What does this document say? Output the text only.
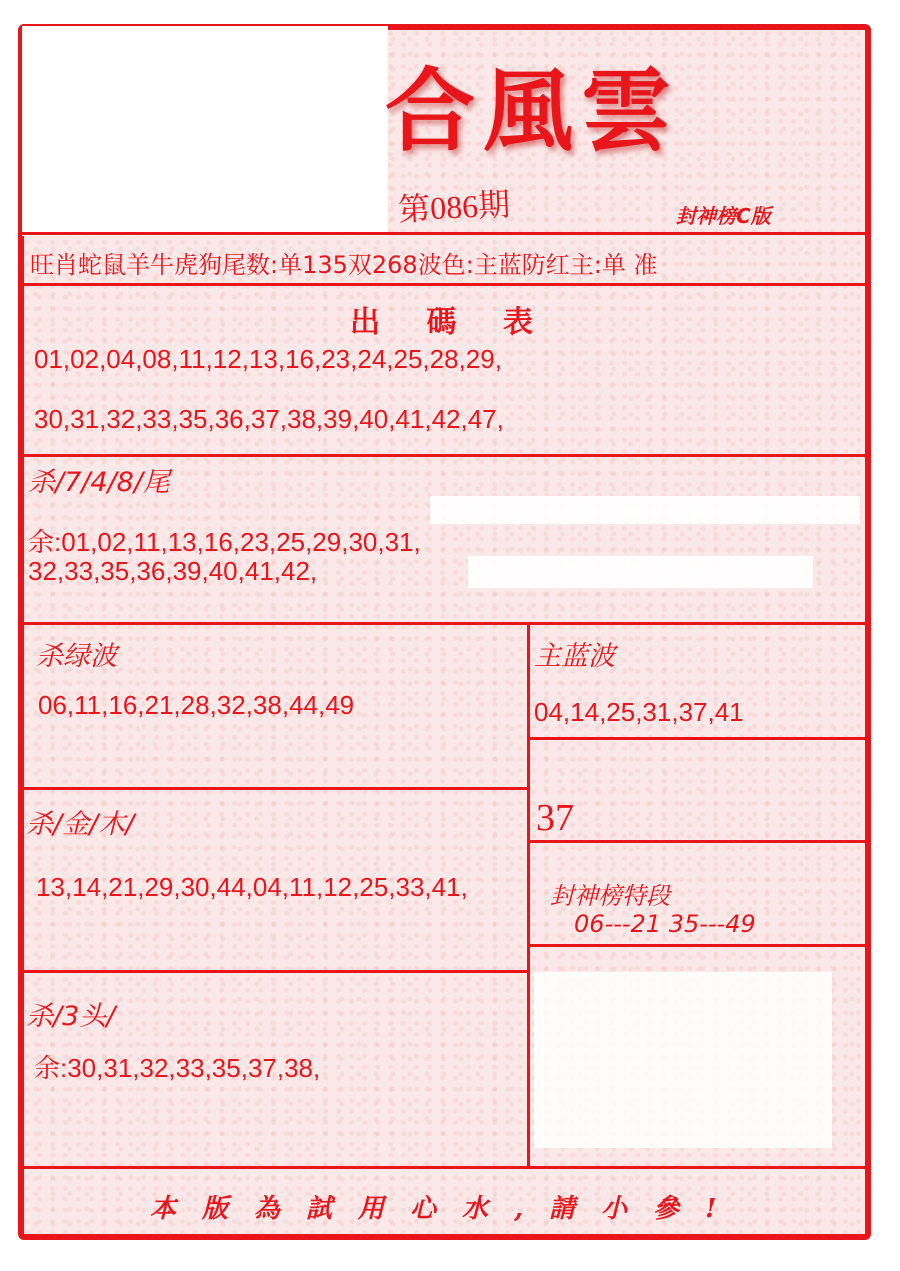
合風雲
第086期	封神榜C版
旺肖蛇鼠羊牛虎狗尾数:单135双268波色:主蓝防红主:单 准
出 碼 表
01,02,04,08,11,12,13,16,23,24,25,28,29,
30,31,32,33,35,36,37,38,39,40,41,42,47,
杀/7/4/8/尾
余:01,02,11,13,16,23,25,29,30,31,
32,33,35,36,39,40,41,42,
杀绿波
06,11,16,21,28,32,38,44,49
主蓝波
04,14,25,31,37,41
杀/金/木/
13,14,21,29,30,44,04,11,12,25,33,41,
37
封神榜特段
06---21 35---49
杀/3头/
余:30,31,32,33,35,37,38,
本版為試用心水,請小參!
